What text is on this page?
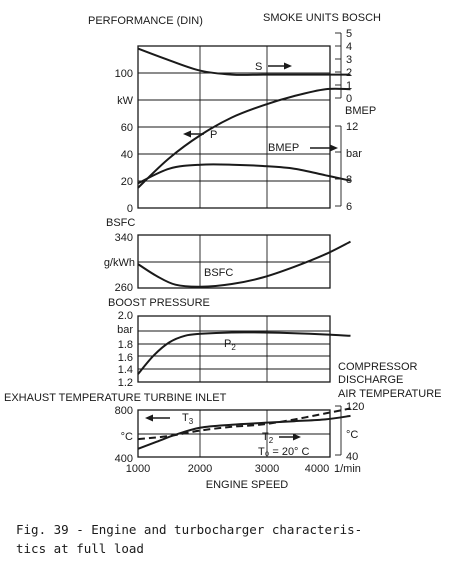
PERFORMANCE (DIN)	SMOKE UNITS BOSCH
100
60
40
20
0
kW
5
4
3
2
1
0
BMEP
12
8
6
bar
S
P
BMEP
BSFC
340
g/kWh
260
BSFC
BOOST PRESSURE
2.0
1.8
1.6
1.4
1.2
bar
$P_2$
COMPRESSOR
DISCHARGE
AIR TEMPERATURE
EXHAUST TEMPERATURE TURBINE INLET
800
°C
400
120
°C
40
$T_3$
$T_2$
T₀ = 20° C
1000	2000	3000 4000 1/min
ENGINE SPEED
Fig. 39 - Engine and turbocharger characteris-
tics at full load
